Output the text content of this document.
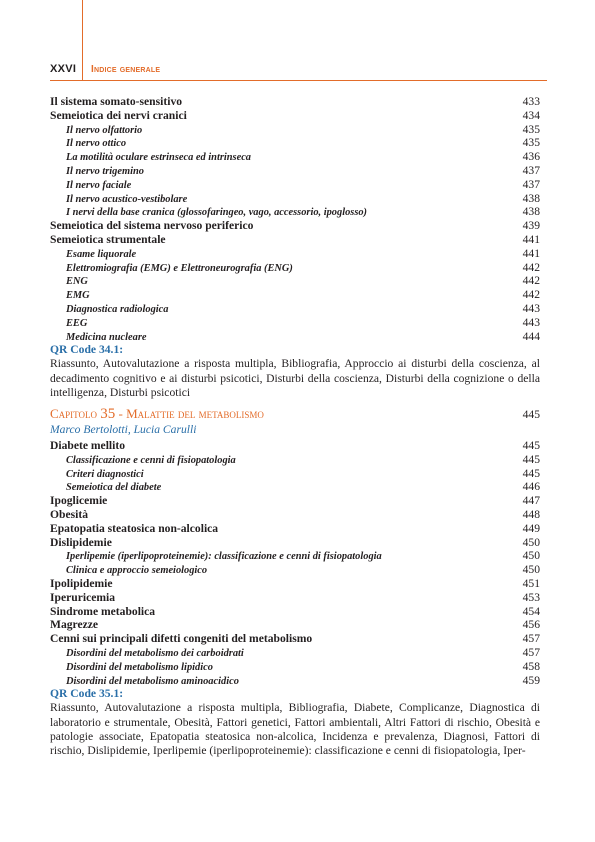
XXVI Indice generale
Il sistema somato-sensitivo	433
Semeiotica dei nervi cranici	434
Il nervo olfattorio	435
Il nervo ottico	435
La motilità oculare estrinseca ed intrinseca	436
Il nervo trigemino	437
Il nervo faciale	437
Il nervo acustico-vestibolare	438
I nervi della base cranica (glossofaringeo, vago, accessorio, ipoglosso)	438
Semeiotica del sistema nervoso periferico	439
Semeiotica strumentale	441
Esame liquorale	441
Elettromiografia (EMG) e Elettroneurografia (ENG)	442
ENG	442
EMG	442
Diagnostica radiologica	443
EEG	443
Medicina nucleare	444
QR Code 34.1:
Riassunto, Autovalutazione a risposta multipla, Bibliografia, Approccio ai disturbi della coscienza, al decadimento cognitivo e ai disturbi psicotici, Disturbi della coscienza, Disturbi della cognizione o della intelligenza, Disturbi psicotici
Capitolo 35 - Malattie del metabolismo	445
Marco Bertolotti, Lucia Carulli
Diabete mellito	445
Classificazione e cenni di fisiopatologia	445
Criteri diagnostici	445
Semeiotica del diabete	446
Ipoglicemie	447
Obesità	448
Epatopatia steatosica non-alcolica	449
Dislipidemie	450
Iperlipemie (iperlipoproteinemie): classificazione e cenni di fisiopatologia	450
Clinica e approccio semeiologico	450
Ipolipidemie	451
Iperuricemia	453
Sindrome metabolica	454
Magrezze	456
Cenni sui principali difetti congeniti del metabolismo	457
Disordini del metabolismo dei carboidrati	457
Disordini del metabolismo lipidico	458
Disordini del metabolismo aminoacidico	459
QR Code 35.1:
Riassunto, Autovalutazione a risposta multipla, Bibliografia, Diabete, Complicanze, Diagnostica di laboratorio e strumentale, Obesità, Fattori genetici, Fattori ambientali, Altri Fattori di rischio, Obesità e patologie associate, Epatopatia steatosica non-alcolica, Incidenza e prevalenza, Diagnosi, Fattori di rischio, Dislipidemie, Iperlipemie (iperlipoproteinemie): classificazione e cenni di fisiopatologia, Iper-
